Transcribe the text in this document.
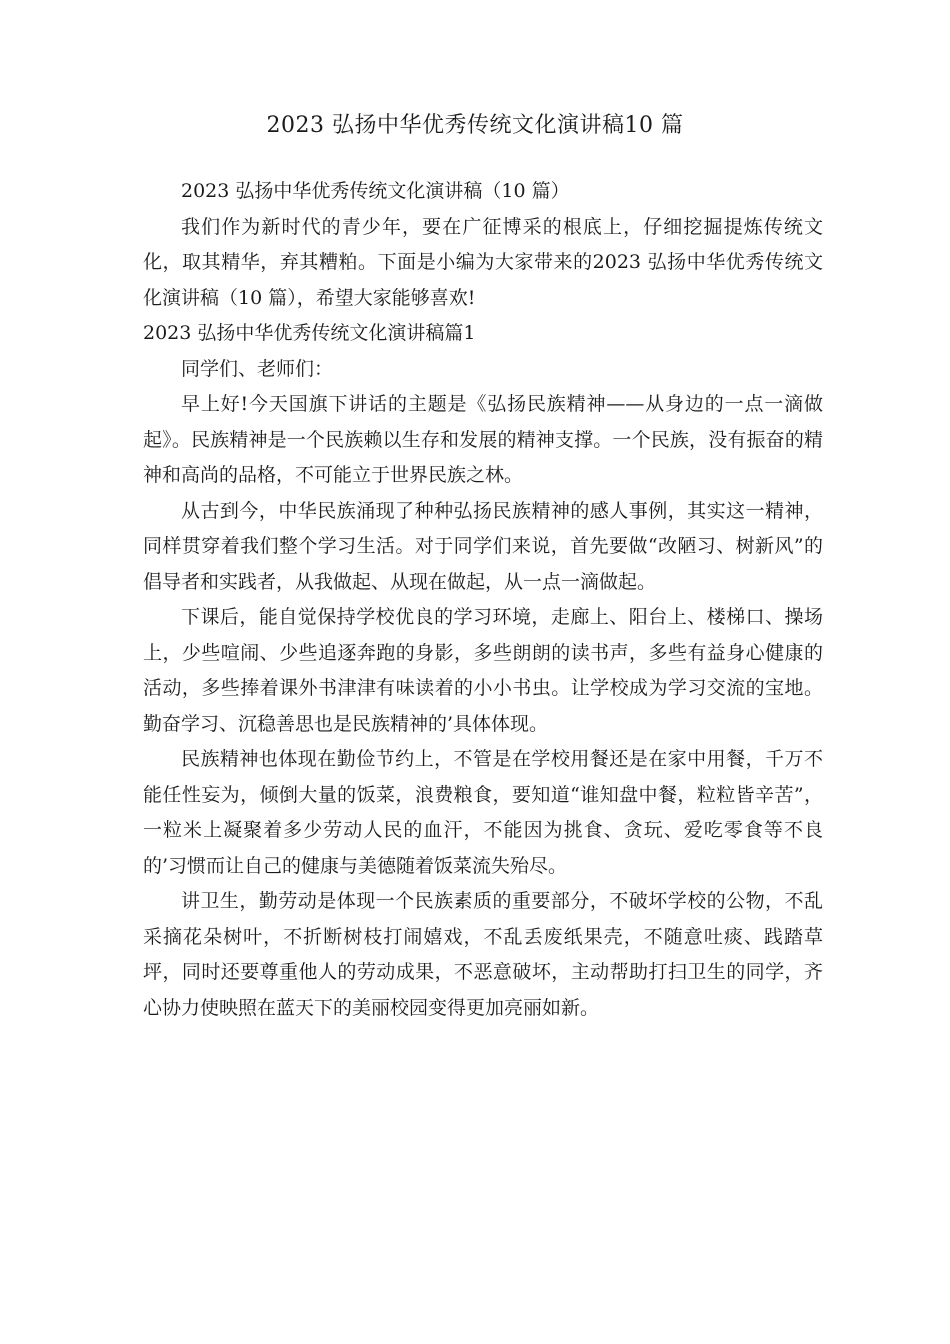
2023 弘扬中华优秀传统文化演讲稿10 篇

2023 弘扬中华优秀传统文化演讲稿（10 篇）

我们作为新时代的青少年，要在广征博采的根底上，仔细挖掘提炼传统文化，取其精华，弃其糟粕。下面是小编为大家带来的2023 弘扬中华优秀传统文化演讲稿（10 篇），希望大家能够喜欢!

2023 弘扬中华优秀传统文化演讲稿篇1

同学们、老师们：

早上好!今天国旗下讲话的主题是《弘扬民族精神——从身边的一点一滴做起》。民族精神是一个民族赖以生存和发展的精神支撑。一个民族，没有振奋的精神和高尚的品格，不可能立于世界民族之林。

从古到今，中华民族涌现了种种弘扬民族精神的感人事例，其实这一精神，同样贯穿着我们整个学习生活。对于同学们来说，首先要做“改陋习、树新风”的倡导者和实践者，从我做起、从现在做起，从一点一滴做起。

下课后，能自觉保持学校优良的学习环境，走廊上、阳台上、楼梯口、操场上，少些喧闹、少些追逐奔跑的身影，多些朗朗的读书声，多些有益身心健康的活动，多些捧着课外书津津有味读着的小小书虫。让学校成为学习交流的宝地。勤奋学习、沉稳善思也是民族精神的’具体体现。

民族精神也体现在勤俭节约上，不管是在学校用餐还是在家中用餐，千万不能任性妄为，倾倒大量的饭菜，浪费粮食，要知道“谁知盘中餐，粒粒皆辛苦”，一粒米上凝聚着多少劳动人民的血汗，不能因为挑食、贪玩、爱吃零食等不良的’习惯而让自己的健康与美德随着饭菜流失殆尽。

讲卫生，勤劳动是体现一个民族素质的重要部分，不破坏学校的公物，不乱采摘花朵树叶，不折断树枝打闹嬉戏，不乱丢废纸果壳，不随意吐痰、践踏草坪，同时还要尊重他人的劳动成果，不恶意破坏，主动帮助打扫卫生的同学，齐心协力使映照在蓝天下的美丽校园变得更加亮丽如新。
